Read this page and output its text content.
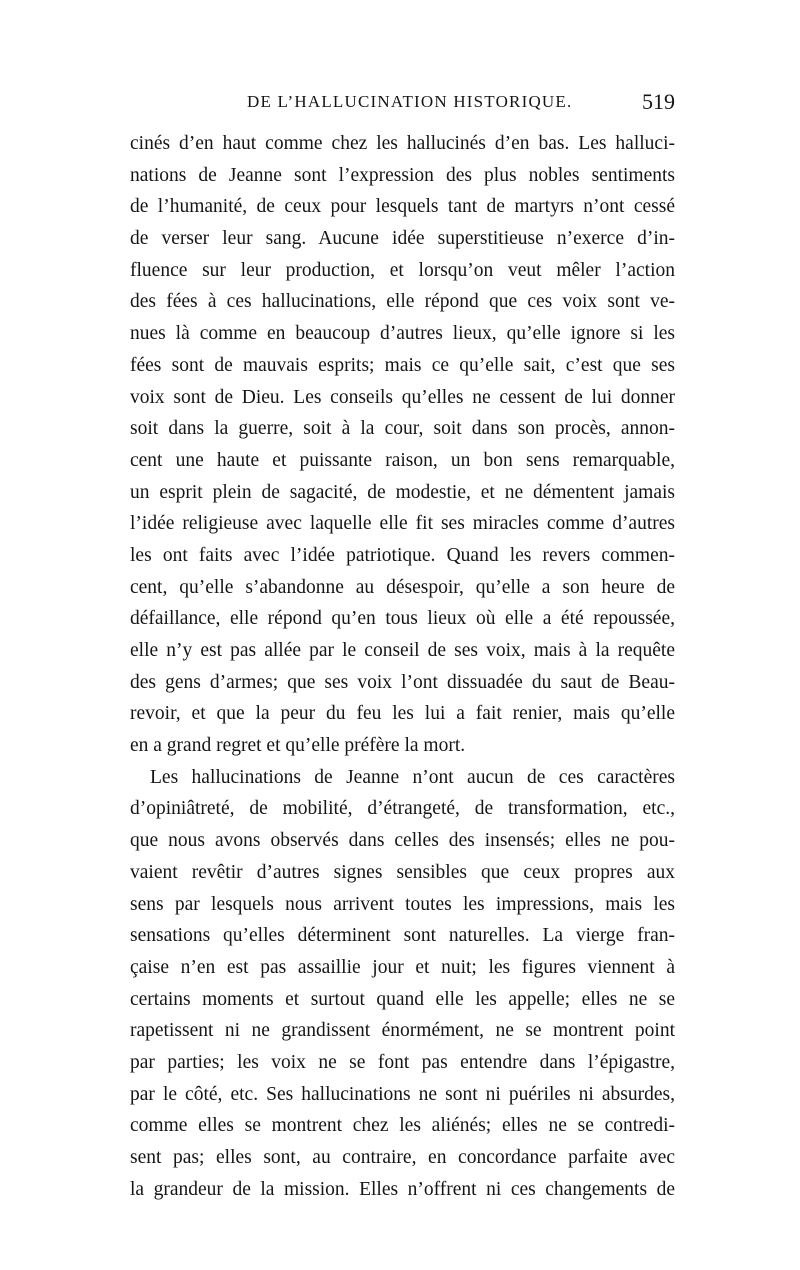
DE L’HALLUCINATION HISTORIQUE.	519
cinés d’en haut comme chez les hallucinés d’en bas. Les halluci-
nations de Jeanne sont l’expression des plus nobles sentiments
de l’humanité, de ceux pour lesquels tant de martyrs n’ont cessé
de verser leur sang. Aucune idée superstitieuse n’exerce d’in-
fluence sur leur production, et lorsqu’on veut mêler l’action
des fées à ces hallucinations, elle répond que ces voix sont ve-
nues là comme en beaucoup d’autres lieux, qu’elle ignore si les
fées sont de mauvais esprits; mais ce qu’elle sait, c’est que ses
voix sont de Dieu. Les conseils qu’elles ne cessent de lui donner
soit dans la guerre, soit à la cour, soit dans son procès, annon-
cent une haute et puissante raison, un bon sens remarquable,
un esprit plein de sagacité, de modestie, et ne démentent jamais
l’idée religieuse avec laquelle elle fit ses miracles comme d’autres
les ont faits avec l’idée patriotique. Quand les revers commen-
cent, qu’elle s’abandonne au désespoir, qu’elle a son heure de
défaillance, elle répond qu’en tous lieux où elle a été repoussée,
elle n’y est pas allée par le conseil de ses voix, mais à la requête
des gens d’armes; que ses voix l’ont dissuadée du saut de Beau-
revoir, et que la peur du feu les lui a fait renier, mais qu’elle
en a grand regret et qu’elle préfère la mort.
Les hallucinations de Jeanne n’ont aucun de ces caractères
d’opiniâtreté, de mobilité, d’étrangeté, de transformation, etc.,
que nous avons observés dans celles des insensés; elles ne pou-
vaient revêtir d’autres signes sensibles que ceux propres aux
sens par lesquels nous arrivent toutes les impressions, mais les
sensations qu’elles déterminent sont naturelles. La vierge fran-
çaise n’en est pas assaillie jour et nuit; les figures viennent à
certains moments et surtout quand elle les appelle; elles ne se
rapetissent ni ne grandissent énormément, ne se montrent point
par parties; les voix ne se font pas entendre dans l’épigastre,
par le côté, etc. Ses hallucinations ne sont ni puériles ni absurdes,
comme elles se montrent chez les aliénés; elles ne se contredi-
sent pas; elles sont, au contraire, en concordance parfaite avec
la grandeur de la mission. Elles n’offrent ni ces changements de
